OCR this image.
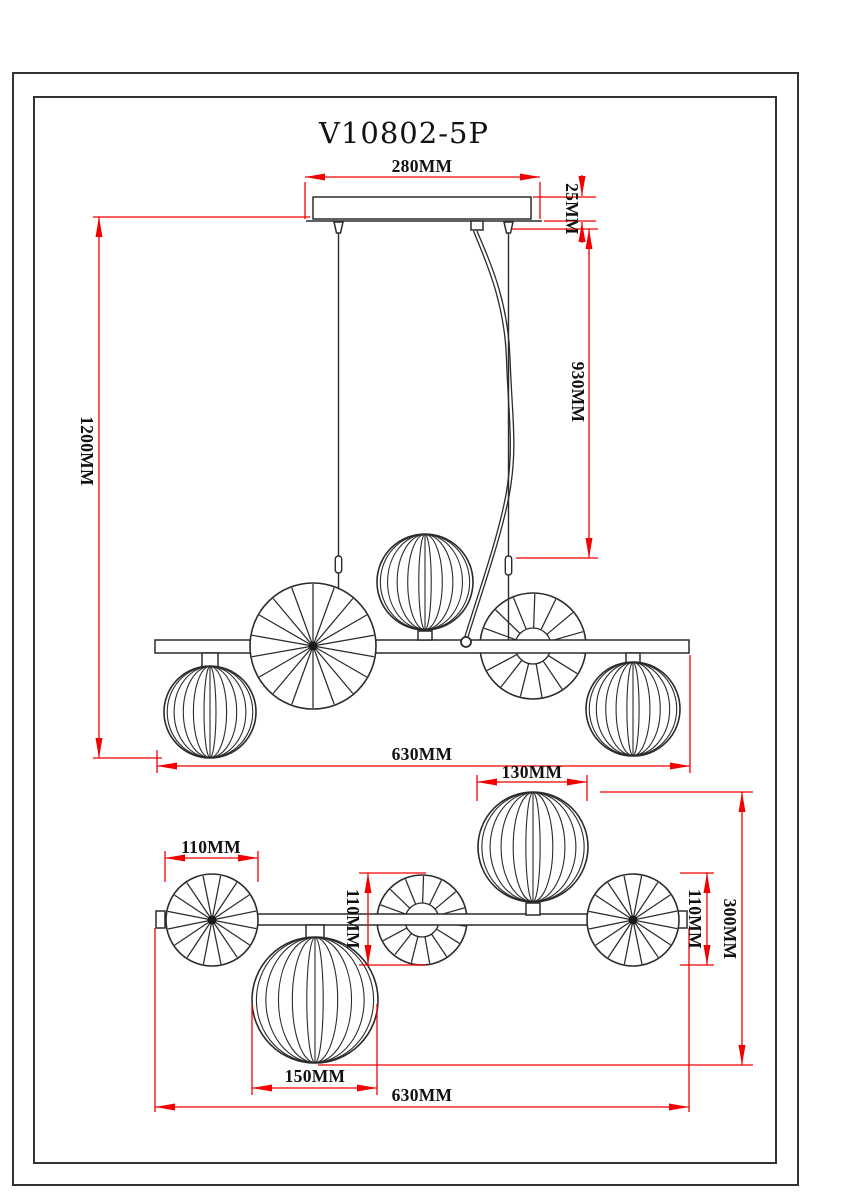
V10802-5P
280MM
25MM
930MM
1200MM
630MM
110MM
130MM
110MM	110MM 300MM
150MM
630MM
